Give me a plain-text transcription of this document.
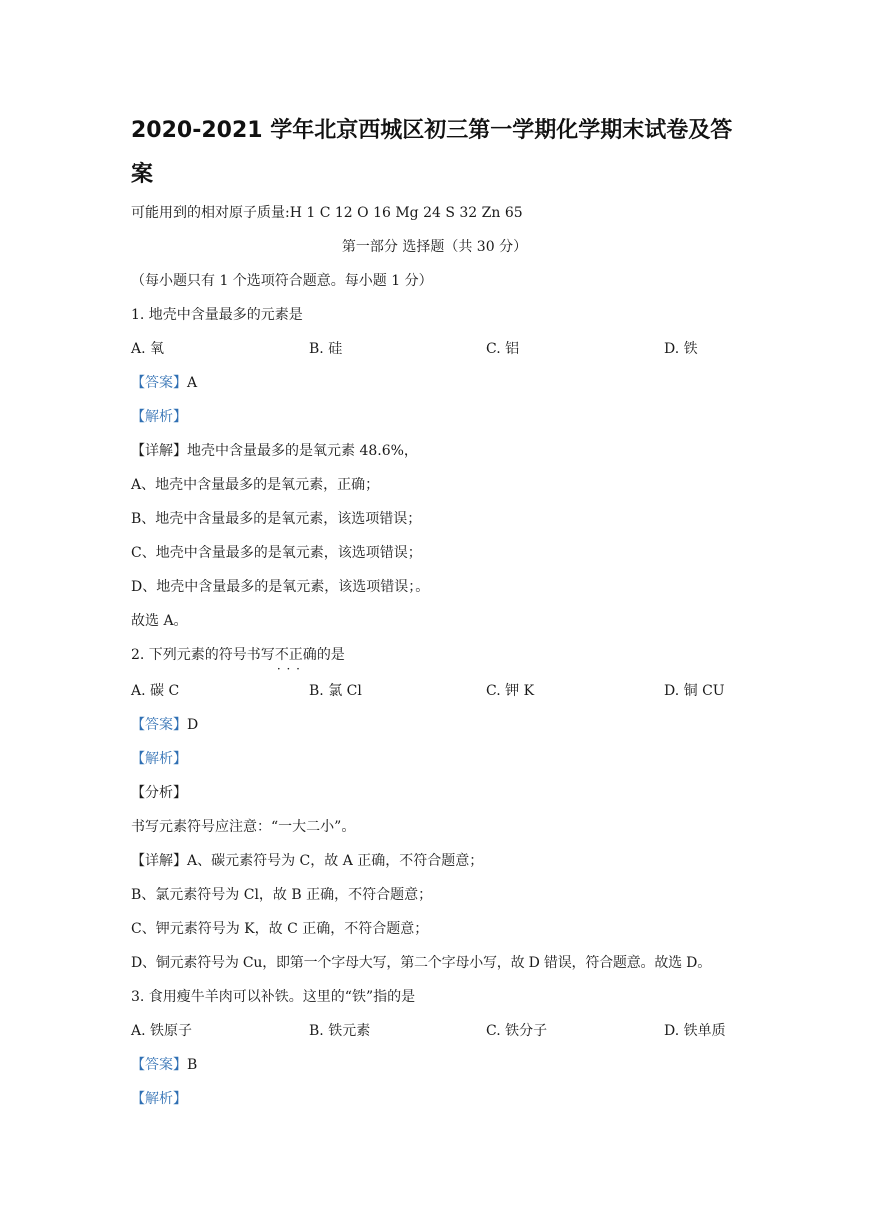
2020-2021 学年北京西城区初三第一学期化学期末试卷及答
案
可能用到的相对原子质量:H 1 C 12 O 16 Mg 24 S 32 Zn 65
第一部分 选择题（共 30 分）
（每小题只有 1 个选项符合题意。每小题 1 分）
1. 地壳中含量最多的元素是
A. 氧	B. 硅	C. 铝	D. 铁
【答案】A
【解析】
【详解】地壳中含量最多的是氧元素 48.6%，
A、地壳中含量最多的是氧元素，正确；
B、地壳中含量最多的是氧元素，该选项错误；
C、地壳中含量最多的是氧元素，该选项错误；
D、地壳中含量最多的是氧元素，该选项错误；。
故选 A。
2. 下列元素的符号书写不正确 · · ·的是
A. 碳 C	B. 氯 Cl	C. 钾 K	D. 铜 CU
【答案】D
【解析】
【分析】
书写元素符号应注意：“一大二小”。
【详解】A、碳元素符号为 C，故 A 正确，不符合题意；
B、氯元素符号为 Cl，故 B 正确，不符合题意；
C、钾元素符号为 K，故 C 正确，不符合题意；
D、铜元素符号为 Cu，即第一个字母大写，第二个字母小写，故 D 错误，符合题意。故选 D。
3. 食用瘦牛羊肉可以补铁。这里的“铁”指的是
A. 铁原子	B. 铁元素	C. 铁分子	D. 铁单质
【答案】B
【解析】
